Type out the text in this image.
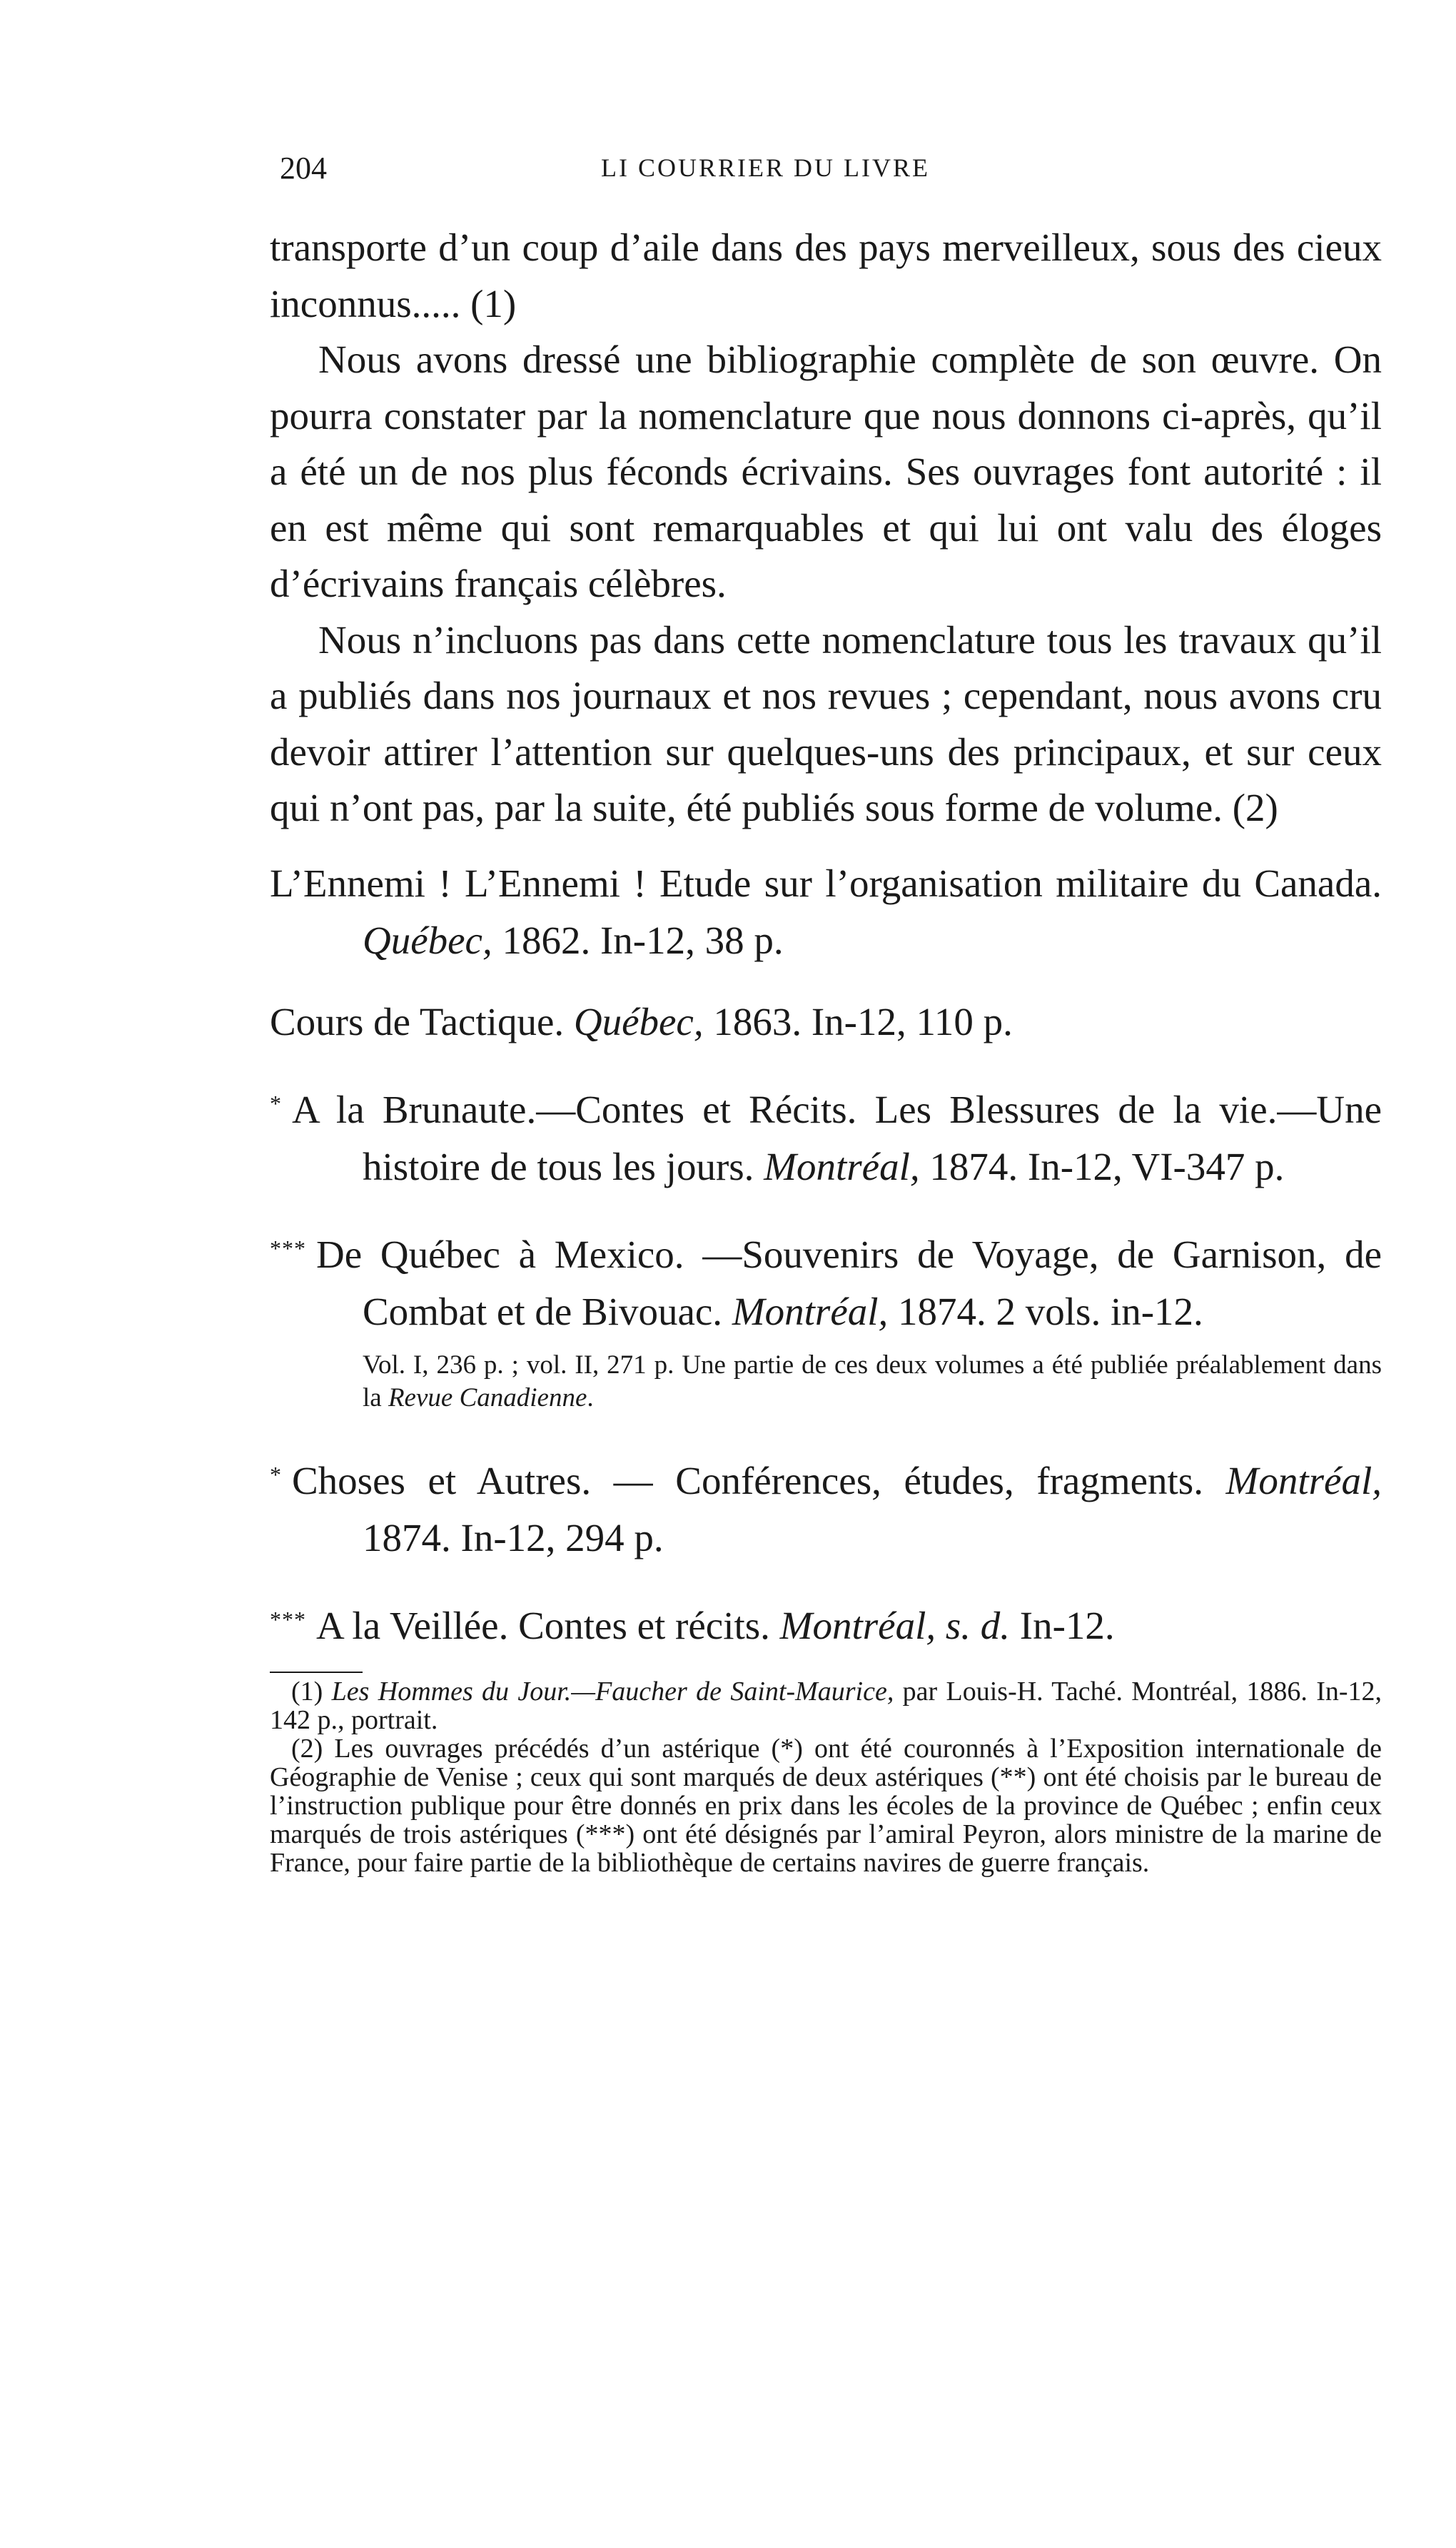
204	LI COURRIER DU LIVRE

transporte d’un coup d’aile dans des pays merveilleux, sous des cieux inconnus..... (1)

Nous avons dressé une bibliographie complète de son œuvre. On pourra constater par la nomenclature que nous donnons ci-après, qu’il a été un de nos plus féconds écrivains. Ses ouvrages font autorité : il en est même qui sont remarquables et qui lui ont valu des éloges d’écrivains français célèbres.

Nous n’incluons pas dans cette nomenclature tous les travaux qu’il a publiés dans nos journaux et nos revues ; cependant, nous avons cru devoir attirer l’attention sur quelques-uns des principaux, et sur ceux qui n’ont pas, par la suite, été publiés sous forme de volume. (2)

L’Ennemi ! L’Ennemi ! Etude sur l’organisation militaire du Canada. Québec, 1862. In-12, 38 p.

Cours de Tactique. Québec, 1863. In-12, 110 p.

* A la Brunaute.—Contes et Récits. Les Blessures de la vie.—Une histoire de tous les jours. Montréal, 1874. In-12, VI-347 p.

*** De Québec à Mexico. —Souvenirs de Voyage, de Garnison, de Combat et de Bivouac. Montréal, 1874. 2 vols. in-12.

Vol. I, 236 p. ; vol. II, 271 p. Une partie de ces deux volumes a été publiée préalablement dans la Revue Canadienne.

* Choses et Autres. — Conférences, études, fragments. Montréal, 1874. In-12, 294 p.

*** A la Veillée. Contes et récits. Montréal, s. d. In-12.

(1) Les Hommes du Jour.—Faucher de Saint-Maurice, par Louis-H. Taché. Montréal, 1886. In-12, 142 p., portrait.

(2) Les ouvrages précédés d’un astérique (*) ont été couronnés à l’Exposition internationale de Géographie de Venise ; ceux qui sont marqués de deux astériques (**) ont été choisis par le bureau de l’instruction publique pour être donnés en prix dans les écoles de la province de Québec ; enfin ceux marqués de trois astériques (***) ont été désignés par l’amiral Peyron, alors ministre de la marine de France, pour faire partie de la bibliothèque de certains navires de guerre français.
